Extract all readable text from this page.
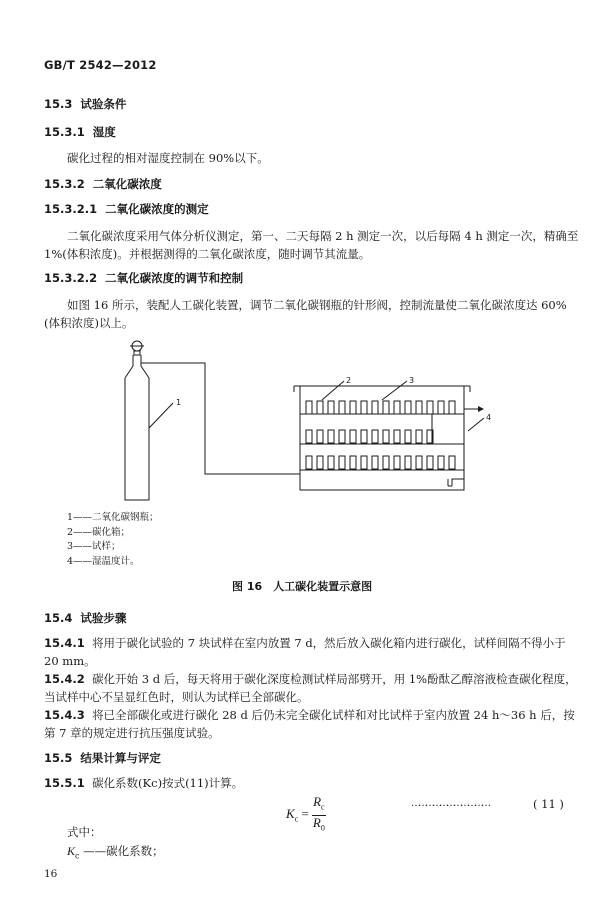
GB/T 2542—2012
15.3 试验条件
15.3.1 湿度
碳化过程的相对湿度控制在 90%以下。
15.3.2 二氧化碳浓度
15.3.2.1 二氧化碳浓度的测定
二氧化碳浓度采用气体分析仪测定，第一、二天每隔 2 h 测定一次，以后每隔 4 h 测定一次，精确至
1%(体积浓度)。并根据测得的二氧化碳浓度，随时调节其流量。
15.3.2.2 二氧化碳浓度的调节和控制
如图 16 所示，装配人工碳化装置，调节二氧化碳钢瓶的针形阀，控制流量使二氧化碳浓度达 60%
(体积浓度)以上。
1
2	3
4
1——二氧化碳钢瓶；
2——碳化箱；
3——试样；
4——湿温度计。
图 16　人工碳化装置示意图
15.4 试验步骤
15.4.1 将用于碳化试验的 7 块试样在室内放置 7 d，然后放入碳化箱内进行碳化，试样间隔不得小于
20 mm。
15.4.2 碳化开始 3 d 后，每天将用于碳化深度检测试样局部劈开，用 1%酚酞乙醇溶液检查碳化程度，
当试样中心不呈显红色时，则认为试样已全部碳化。
15.4.3 将已全部碳化或进行碳化 28 d 后仍未完全碳化试样和对比试样于室内放置 24 h～36 h 后，按
第 7 章的规定进行抗压强度试验。
15.5 结果计算与评定
15.5.1 碳化系数(Kc)按式(11)计算。
$K_c = \frac{R_c}{R_0}$	……………………………	( 11 )
式中：
$K_c$ ——碳化系数；
16
